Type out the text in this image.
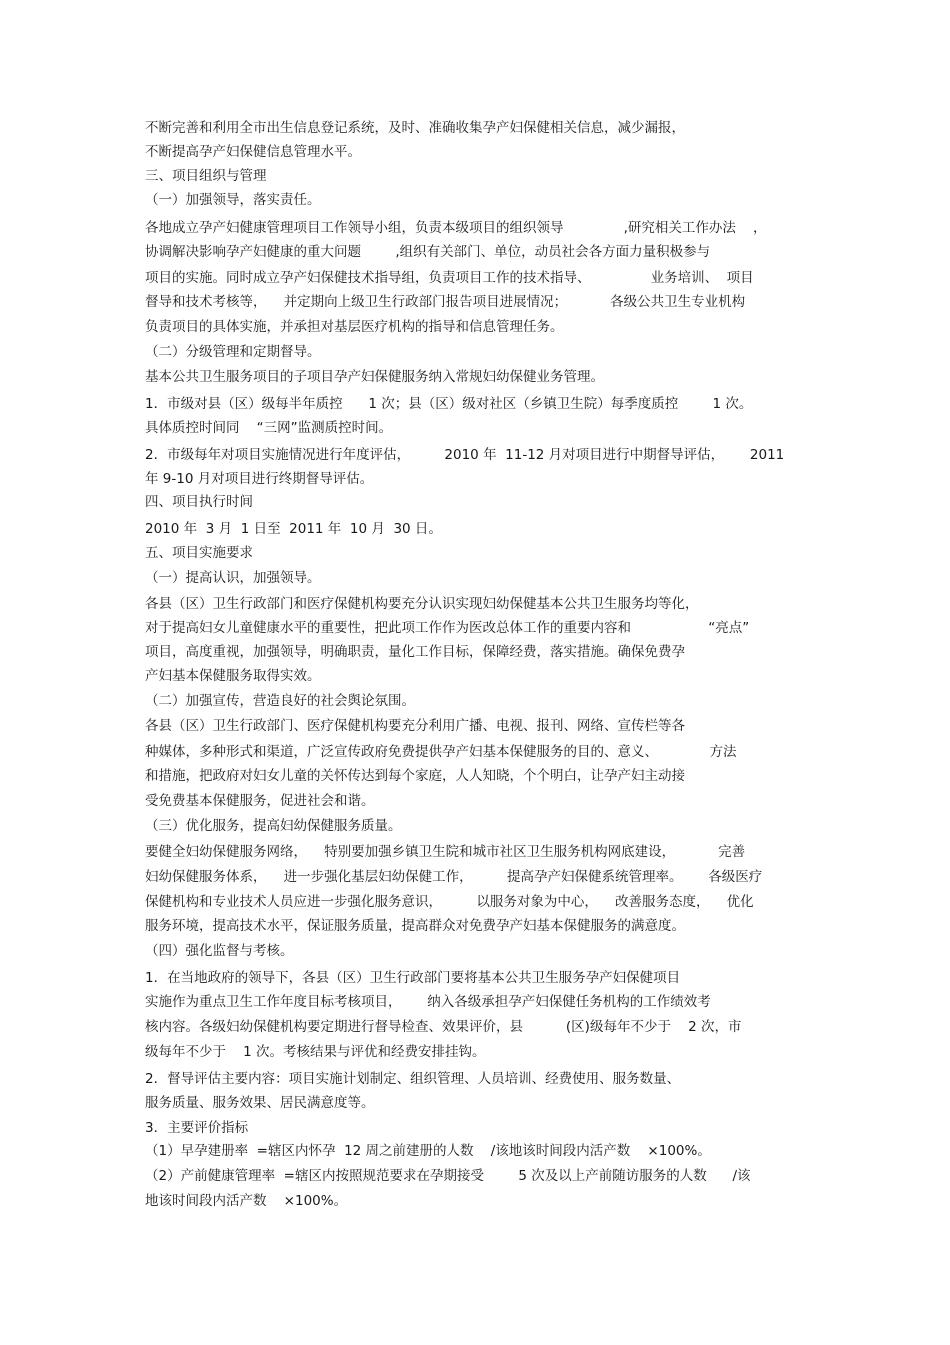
不断完善和利用全市出生信息登记系统，及时、准确收集孕产妇保健相关信息，减少漏报，
不断提高孕产妇保健信息管理水平。
三、项目组织与管理
（一）加强领导，落实责任。
各地成立孕产妇健康管理项目工作领导小组，负责本级项目的组织领导              ,研究相关工作办法    ，
协调解决影响孕产妇健康的重大问题        ,组织有关部门、单位，动员社会各方面力量积极参与
项目的实施。同时成立孕产妇保健技术指导组，负责项目工作的技术指导、              业务培训、  项目
督导和技术考核等，    并定期向上级卫生行政部门报告项目进展情况；          各级公共卫生专业机构
负责项目的具体实施，并承担对基层医疗机构的指导和信息管理任务。
（二）分级管理和定期督导。
基本公共卫生服务项目的子项目孕产妇保健服务纳入常规妇幼保健业务管理。
1．市级对县（区）级每半年质控      1 次；县（区）级对社区（乡镇卫生院）每季度质控        1 次。
具体质控时间同    “三网”监测质控时间。
2．市级每年对项目实施情况进行年度评估，        2010 年  11-12 月对项目进行中期督导评估，      2011
年 9-10 月对项目进行终期督导评估。
四、项目执行时间
2010 年  3 月  1 日至  2011 年  10 月  30 日。
五、项目实施要求
（一）提高认识，加强领导。
各县（区）卫生行政部门和医疗保健机构要充分认识实现妇幼保健基本公共卫生服务均等化，
对于提高妇女儿童健康水平的重要性，把此项工作作为医改总体工作的重要内容和                  “亮点”
项目，高度重视，加强领导，明确职责，量化工作目标，保障经费，落实措施。确保免费孕
产妇基本保健服务取得实效。
（二）加强宣传，营造良好的社会舆论氛围。
各县（区）卫生行政部门、医疗保健机构要充分利用广播、电视、报刊、网络、宣传栏等各
种媒体，多种形式和渠道，广泛宣传政府免费提供孕产妇基本保健服务的目的、意义、            方法
和措施，把政府对妇女儿童的关怀传达到每个家庭，人人知晓，个个明白，让孕产妇主动接
受免费基本保健服务，促进社会和谐。
（三）优化服务，提高妇幼保健服务质量。
要健全妇幼保健服务网络，    特别要加强乡镇卫生院和城市社区卫生服务机构网底建设，          完善
妇幼保健服务体系，    进一步强化基层妇幼保健工作，        提高孕产妇保健系统管理率。      各级医疗
保健机构和专业技术人员应进一步强化服务意识，        以服务对象为中心，    改善服务态度，    优化
服务环境，提高技术水平，保证服务质量，提高群众对免费孕产妇基本保健服务的满意度。
（四）强化监督与考核。
1．在当地政府的领导下，各县（区）卫生行政部门要将基本公共卫生服务孕产妇保健项目
实施作为重点卫生工作年度目标考核项目，      纳入各级承担孕产妇保健任务机构的工作绩效考
核内容。各级妇幼保健机构要定期进行督导检查、效果评价，县          (区)级每年不少于    2 次，市
级每年不少于    1 次。考核结果与评优和经费安排挂钩。
2．督导评估主要内容：项目实施计划制定、组织管理、人员培训、经费使用、服务数量、
服务质量、服务效果、居民满意度等。
3．主要评价指标
（1）早孕建册率  =辖区内怀孕  12 周之前建册的人数    /该地该时间段内活产数    ×100%。
（2）产前健康管理率  =辖区内按照规范要求在孕期接受        5 次及以上产前随访服务的人数      /该
地该时间段内活产数    ×100%。
